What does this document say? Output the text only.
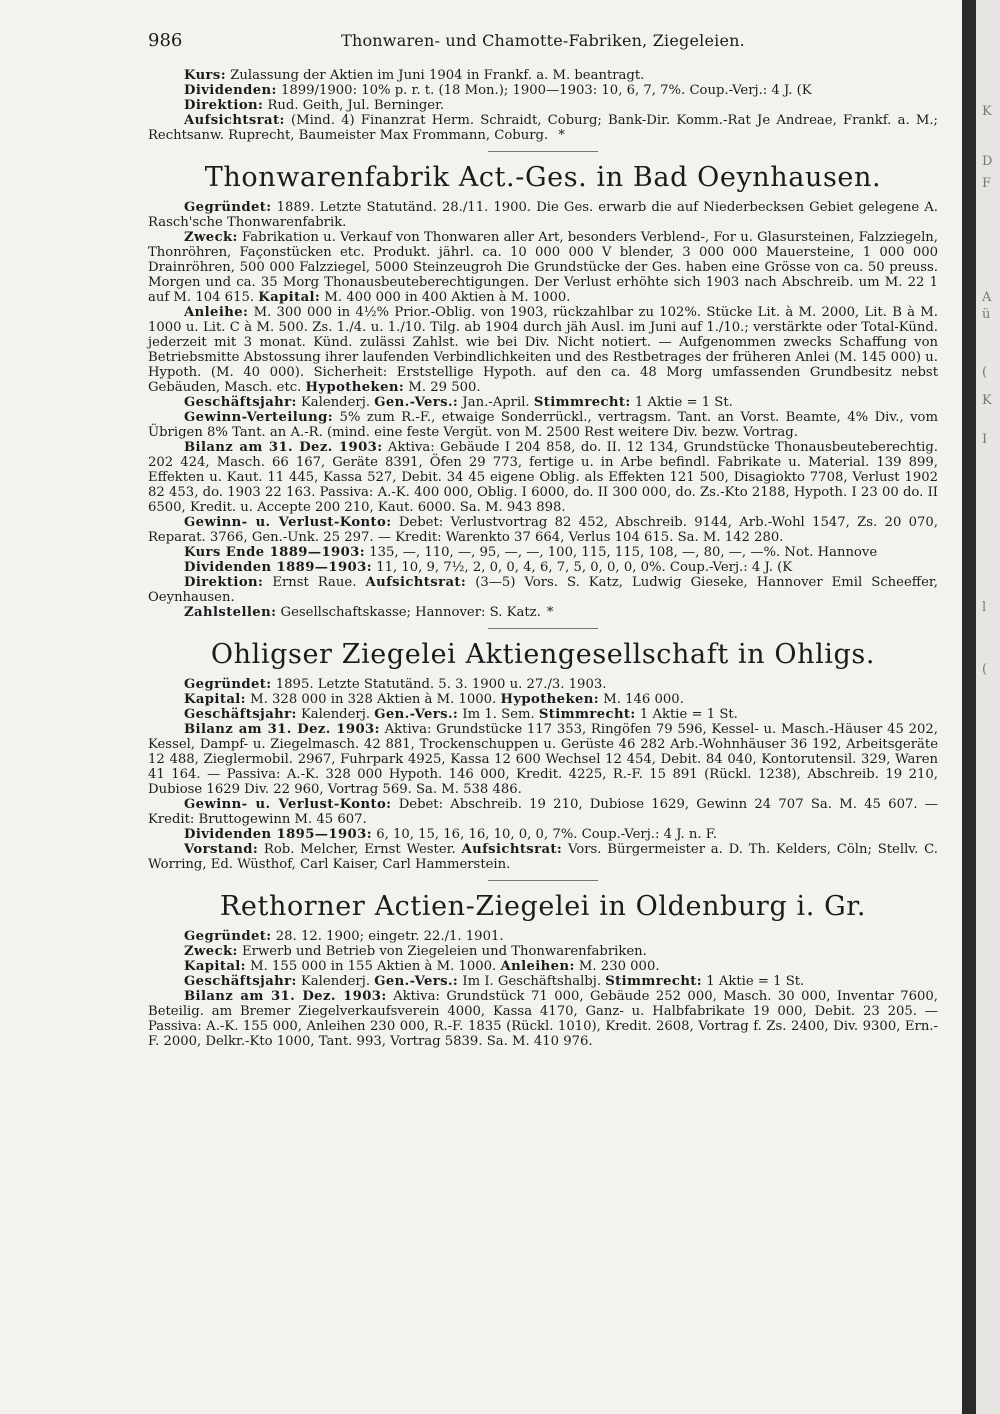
K
D
F
A
ü
(
K
I
l
(
986	Thonwaren- und Chamotte-Fabriken, Ziegeleien.

Kurs: Zulassung der Aktien im Juni 1904 in Frankf. a. M. beantragt.

Dividenden: 1899/1900: 10% p. r. t. (18 Mon.); 1900—1903: 10, 6, 7, 7%. Coup.-Verj.: 4 J. (K

Direktion: Rud. Geith, Jul. Berninger.

Aufsichtsrat: (Mind. 4) Finanzrat Herm. Schraidt, Coburg; Bank-Dir. Komm.-Rat Je Andreae, Frankf. a. M.; Rechtsanw. Ruprecht, Baumeister Max Frommann, Coburg. *

Thonwarenfabrik Act.-Ges. in Bad Oeynhausen.

Gegründet: 1889. Letzte Statutänd. 28./11. 1900. Die Ges. erwarb die auf Niederbecksen Gebiet gelegene A. Rasch'sche Thonwarenfabrik.

Zweck: Fabrikation u. Verkauf von Thonwaren aller Art, besonders Verblend-, For u. Glasursteinen, Falzziegeln, Thonröhren, Façonstücken etc. Produkt. jährl. ca. 10 000 000 V blender, 3 000 000 Mauersteine, 1 000 000 Drainröhren, 500 000 Falzziegel, 5000 Steinzeugroh Die Grundstücke der Ges. haben eine Grösse von ca. 50 preuss. Morgen und ca. 35 Morg Thonausbeuteberechtigungen. Der Verlust erhöhte sich 1903 nach Abschreib. um M. 22 1 auf M. 104 615. Kapital: M. 400 000 in 400 Aktien à M. 1000.

Anleihe: M. 300 000 in 4½% Prior.-Oblig. von 1903, rückzahlbar zu 102%. Stücke Lit. à M. 2000, Lit. B à M. 1000 u. Lit. C à M. 500. Zs. 1./4. u. 1./10. Tilg. ab 1904 durch jäh Ausl. im Juni auf 1./10.; verstärkte oder Total-Künd. jederzeit mit 3 monat. Künd. zulässi Zahlst. wie bei Div. Nicht notiert. — Aufgenommen zwecks Schaffung von Betriebsmitte Abstossung ihrer laufenden Verbindlichkeiten und des Restbetrages der früheren Anlei (M. 145 000) u. Hypoth. (M. 40 000). Sicherheit: Erststellige Hypoth. auf den ca. 48 Morg umfassenden Grundbesitz nebst Gebäuden, Masch. etc. Hypotheken: M. 29 500.

Geschäftsjahr: Kalenderj. Gen.-Vers.: Jan.-April. Stimmrecht: 1 Aktie = 1 St.

Gewinn-Verteilung: 5% zum R.-F., etwaige Sonderrückl., vertragsm. Tant. an Vorst. Beamte, 4% Div., vom Übrigen 8% Tant. an A.-R. (mind. eine feste Vergüt. von M. 2500 Rest weitere Div. bezw. Vortrag.

Bilanz am 31. Dez. 1903: Aktiva: Gebäude I 204 858, do. II. 12 134, Grundstücke Thonausbeuteberechtig. 202 424, Masch. 66 167, Geräte 8391, Öfen 29 773, fertige u. in Arbe befindl. Fabrikate u. Material. 139 899, Effekten u. Kaut. 11 445, Kassa 527, Debit. 34 45 eigene Oblig. als Effekten 121 500, Disagiokto 7708, Verlust 1902 82 453, do. 1903 22 163. Passiva: A.-K. 400 000, Oblig. I 6000, do. II 300 000, do. Zs.-Kto 2188, Hypoth. I 23 00 do. II 6500, Kredit. u. Accepte 200 210, Kaut. 6000. Sa. M. 943 898.

Gewinn- u. Verlust-Konto: Debet: Verlustvortrag 82 452, Abschreib. 9144, Arb.-Wohl 1547, Zs. 20 070, Reparat. 3766, Gen.-Unk. 25 297. — Kredit: Warenkto 37 664, Verlus 104 615. Sa. M. 142 280.

Kurs Ende 1889—1903: 135, —, 110, —, 95, —, —, 100, 115, 115, 108, —, 80, —, —%. Not. Hannove

Dividenden 1889—1903: 11, 10, 9, 7½, 2, 0, 0, 4, 6, 7, 5, 0, 0, 0, 0%. Coup.-Verj.: 4 J. (K

Direktion: Ernst Raue. Aufsichtsrat: (3—5) Vors. S. Katz, Ludwig Gieseke, Hannover Emil Scheeffer, Oeynhausen.

Zahlstellen: Gesellschaftskasse; Hannover: S. Katz. *

Ohligser Ziegelei Aktiengesellschaft in Ohligs.

Gegründet: 1895. Letzte Statutänd. 5. 3. 1900 u. 27./3. 1903.

Kapital: M. 328 000 in 328 Aktien à M. 1000. Hypotheken: M. 146 000.

Geschäftsjahr: Kalenderj. Gen.-Vers.: Im 1. Sem. Stimmrecht: 1 Aktie = 1 St.

Bilanz am 31. Dez. 1903: Aktiva: Grundstücke 117 353, Ringöfen 79 596, Kessel- u. Masch.-Häuser 45 202, Kessel, Dampf- u. Ziegelmasch. 42 881, Trockenschuppen u. Gerüste 46 282 Arb.-Wohnhäuser 36 192, Arbeitsgeräte 12 488, Zieglermobil. 2967, Fuhrpark 4925, Kassa 12 600 Wechsel 12 454, Debit. 84 040, Kontorutensil. 329, Waren 41 164. — Passiva: A.-K. 328 000 Hypoth. 146 000, Kredit. 4225, R.-F. 15 891 (Rückl. 1238), Abschreib. 19 210, Dubiose 1629 Div. 22 960, Vortrag 569. Sa. M. 538 486.

Gewinn- u. Verlust-Konto: Debet: Abschreib. 19 210, Dubiose 1629, Gewinn 24 707 Sa. M. 45 607. — Kredit: Bruttogewinn M. 45 607.

Dividenden 1895—1903: 6, 10, 15, 16, 16, 10, 0, 0, 7%. Coup.-Verj.: 4 J. n. F.

Vorstand: Rob. Melcher, Ernst Wester. Aufsichtsrat: Vors. Bürgermeister a. D. Th. Kelders, Cöln; Stellv. C. Worring, Ed. Wüsthof, Carl Kaiser, Carl Hammerstein.

Rethorner Actien-Ziegelei in Oldenburg i. Gr.

Gegründet: 28. 12. 1900; eingetr. 22./1. 1901.

Zweck: Erwerb und Betrieb von Ziegeleien und Thonwarenfabriken.

Kapital: M. 155 000 in 155 Aktien à M. 1000. Anleihen: M. 230 000.

Geschäftsjahr: Kalenderj. Gen.-Vers.: Im I. Geschäftshalbj. Stimmrecht: 1 Aktie = 1 St.

Bilanz am 31. Dez. 1903: Aktiva: Grundstück 71 000, Gebäude 252 000, Masch. 30 000, Inventar 7600, Beteilig. am Bremer Ziegelverkaufsverein 4000, Kassa 4170, Ganz- u. Halbfabrikate 19 000, Debit. 23 205. — Passiva: A.-K. 155 000, Anleihen 230 000, R.-F. 1835 (Rückl. 1010), Kredit. 2608, Vortrag f. Zs. 2400, Div. 9300, Ern.-F. 2000, Delkr.-Kto 1000, Tant. 993, Vortrag 5839. Sa. M. 410 976.
